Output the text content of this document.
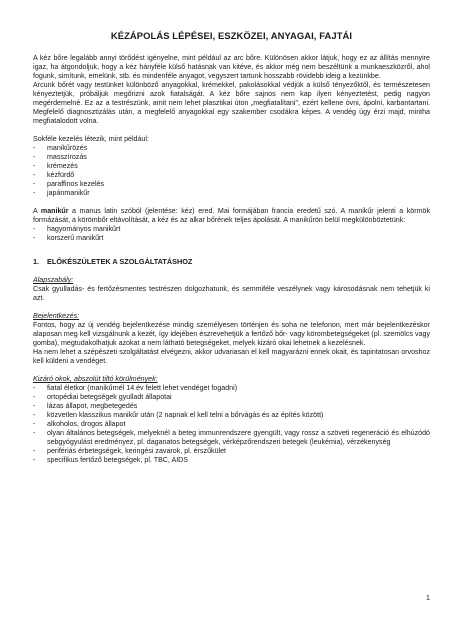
KÉZÁPOLÁS LÉPÉSEI, ESZKÖZEI, ANYAGAI, FAJTÁI

A kéz bőre legalább annyi törődést igényelne, mint például az arc bőre. Különösen akkor látjuk, hogy ez az állítás mennyire igaz, ha átgondoljuk, hogy a kéz hányféle külső hatásnak van kitéve, és akkor még nem beszéltünk a munkaeszközről, ahol fogunk, simítunk, emelünk, stb. és mindenféle anyagot, vegyszert tartunk hosszabb rövidebb ideig a kezünkbe.

Arcunk bőrét vagy testünket különböző anyagokkal, krémekkel, pakolásokkal védjük a külső tényezőktől, és természetesen kényeztetjük, próbáljuk megőrizni azok fiatalságát. A kéz bőre sajnos nem kap ilyen kényeztetést, pedig nagyon megérdemelné. Ez az a testrészünk, amit nem lehet plasztikai úton „megfiatalítani", ezért kellene óvni, ápolni, karbantartani. Megfelelő diagnosztizálás után, a megfelelő anyagokkal egy szakember csodákra képes. A vendég úgy érzi majd, mintha megfiatalodott volna.

Sokféle kezelés létezik, mint például:

- manikűrözés
- masszírozás
- krémezés
- kézfürdő
- paraffinos kezelés
- japánmanikűr

A manikűr a manus latin szóból (jelentése: kéz) ered. Mai formájában francia eredetű szó. A manikűr jelenti a körmök formázását, a körömbőr eltávolítását, a kéz és az alkar bőrének teljes ápolását. A manikűrön belül megkülönböztetünk:

- hagyományos manikűrt
- korszerű manikűrt
1. ELŐKÉSZÜLETEK A SZOLGÁLTATÁSHOZ

Alapszabály:

Csak gyulladás- és fertőzésmentes testrészen dolgozhatunk, és semmiféle veszélynek vagy károsodásnak nem tehetjük ki azt.

Bejelentkezés:

Fontos, hogy az új vendég bejelentkezése mindig személyesen történjen és soha ne telefonon, mert már bejelentkezéskor alaposan meg kell vizsgálnunk a kezét, így idejében észrevehetjük a fertőző bőr- vagy körombetegségeket (pl. szemölcs vagy gomba), megtudakolhatjuk azokat a nem látható betegségeket, melyek kizáró okai lehetnek a kezelésnek.

Ha nem lehet a szépészeti szolgáltatást elvégezni, akkor udvariasan el kell magyarázni ennek okait, és tapintatosan orvoshoz kell küldeni a vendéget.

Kizáró okok, abszolút tiltó körülmények:

- fiatal életkor (manikűrnél 14 év felett lehet vendéget fogadni)
- ortopédiai betegségek gyulladt állapotai
- lázas állapot, megbetegedés
- közvetlen klasszikus manikűr után (2 napnak el kell telni a bőrvágás és az építés között)
- alkoholos, drogos állapot
- olyan általános betegségek, melyeknél a beteg immunrendszere gyengült, vagy rossz a szöveti regeneráció és elhúzódó sebgyógyulást eredményez, pl. daganatos betegségek, vérképzőrendszeri betegek (leukémia), vérzékenység
- perifériás érbetegségek, keringési zavarok, pl. érszűkület
- specifikus fertőző betegségek, pl. TBC, AIDS
1
